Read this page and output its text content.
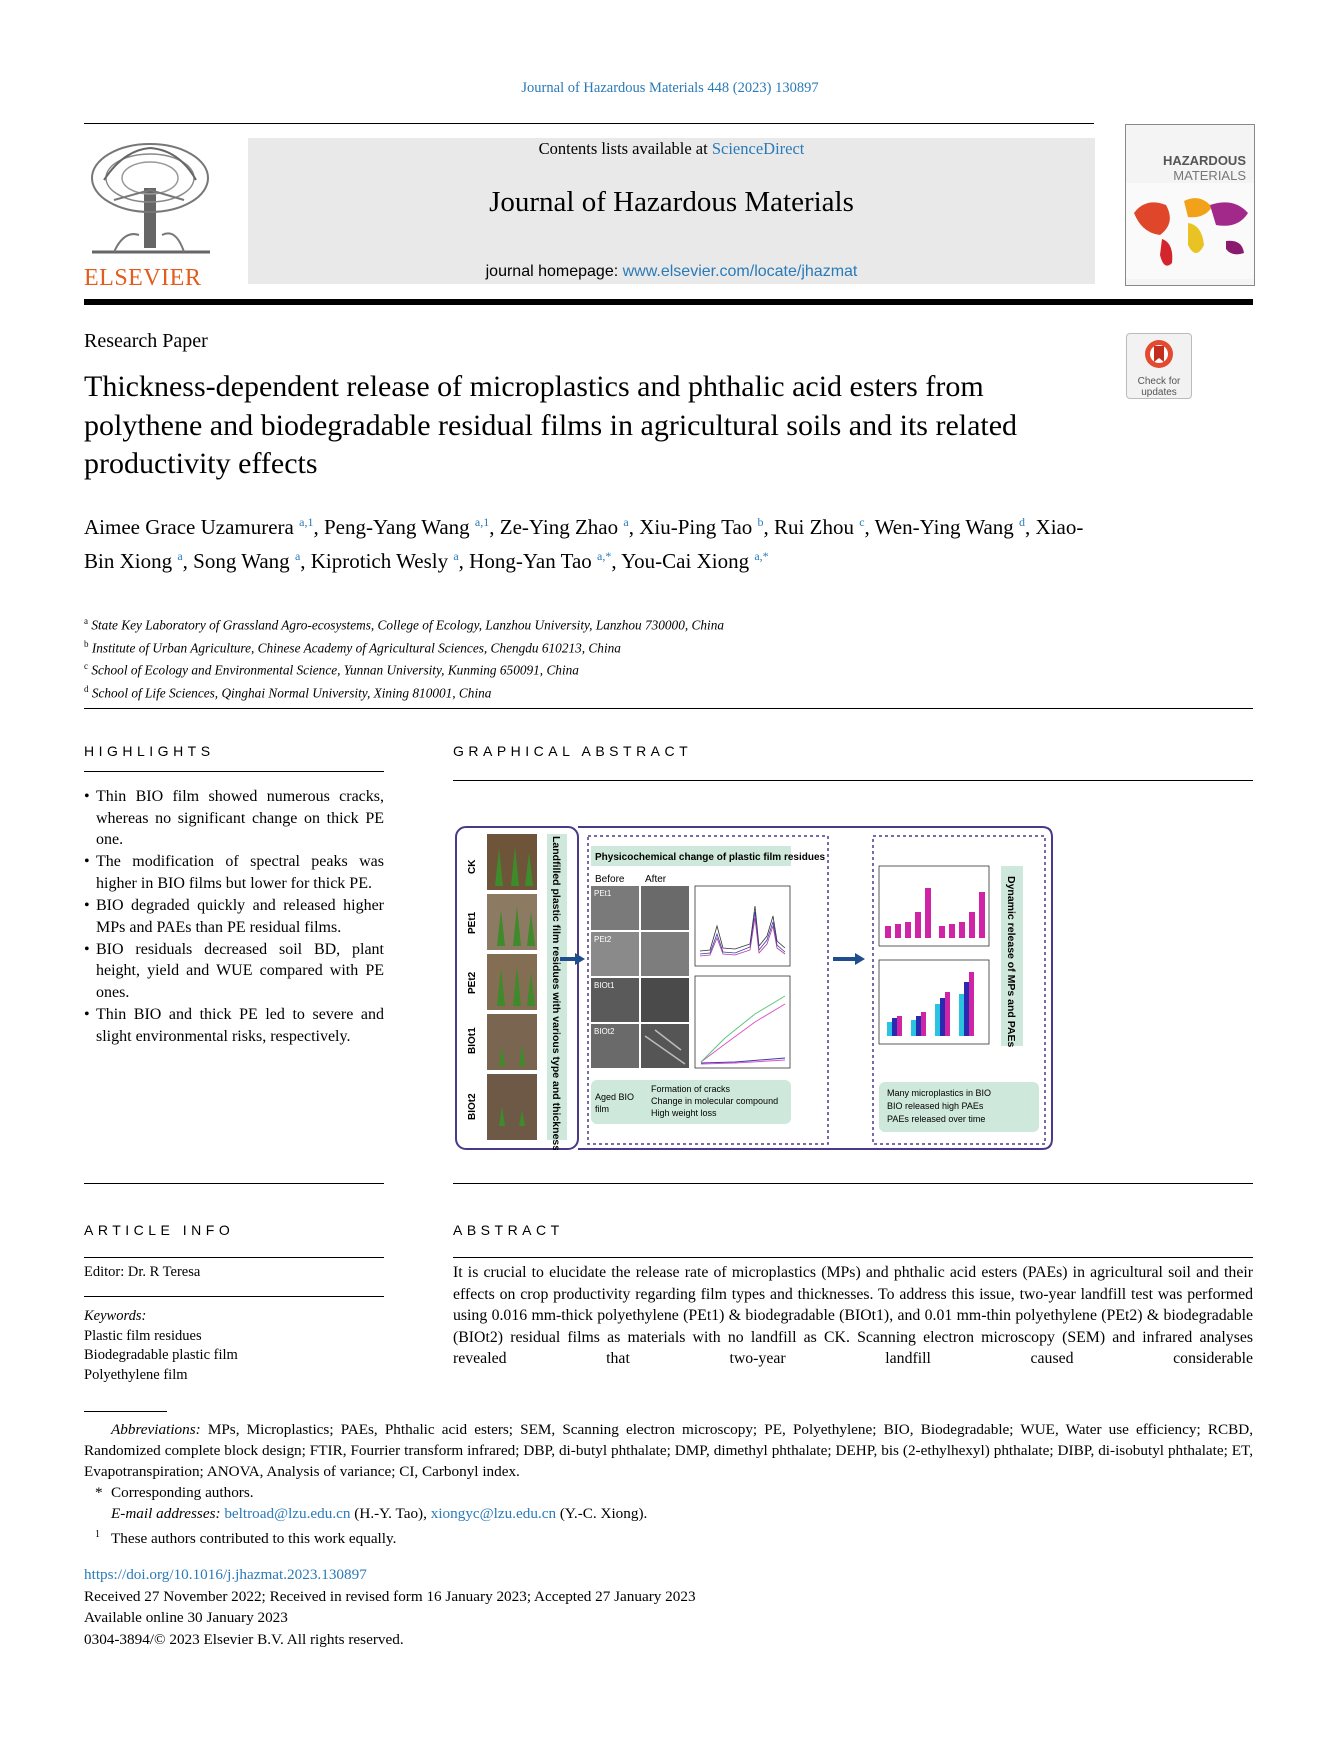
Journal of Hazardous Materials 448 (2023) 130897
ELSEVIER
Contents lists available at ScienceDirect
Journal of Hazardous Materials
journal homepage: www.elsevier.com/locate/jhazmat
HAZARDOUS
MATERIALS
Research Paper
Thickness-dependent release of microplastics and phthalic acid esters from polythene and biodegradable residual films in agricultural soils and its related productivity effects
Check for
updates
Aimee Grace Uzamurera $^{a,1}$, Peng-Yang Wang $^{a,1}$, Ze-Ying Zhao $^a$, Xiu-Ping Tao $^b$, Rui Zhou $^c$, Wen-Ying Wang $^d$, Xiao-Bin Xiong $^a$, Song Wang $^a$, Kiprotich Wesly $^a$, Hong-Yan Tao $^{a,*}$, You-Cai Xiong $^{a,*}$
$^a$ State Key Laboratory of Grassland Agro-ecosystems, College of Ecology, Lanzhou University, Lanzhou 730000, China
$^b$ Institute of Urban Agriculture, Chinese Academy of Agricultural Sciences, Chengdu 610213, China
$^c$ School of Ecology and Environmental Science, Yunnan University, Kunming 650091, China
$^d$ School of Life Sciences, Qinghai Normal University, Xining 810001, China
HIGHLIGHTS	GRAPHICAL ABSTRACT
• Thin BIO film showed numerous cracks, whereas no significant change on thick PE one.
• The modification of spectral peaks was higher in BIO films but lower for thick PE.
• BIO degraded quickly and released higher MPs and PAEs than PE residual films.
• BIO residuals decreased soil BD, plant height, yield and WUE compared with PE ones.
• Thin BIO and thick PE led to severe and slight environmental risks, respectively.
CK
PEt1
PEt2
BIOt1
BIOt2	Landfilled plastic film residues with various type and thickness	Physicochemical change of plastic film residues
Before After
PEt1
PEt2
BIOt1
BIOt2
Aged BIO
film
Formation of cracks
Change in molecular compound
High weight loss
Dynamic release of MPs and PAEs
Many microplastics in BIO
BIO released high PAEs
PAEs released over time
ARTICLE INFO	ABSTRACT
Editor: Dr. R Teresa
Keywords:
Plastic film residues
Biodegradable plastic film
Polyethylene film
It is crucial to elucidate the release rate of microplastics (MPs) and phthalic acid esters (PAEs) in agricultural soil and their effects on crop productivity regarding film types and thicknesses. To address this issue, two-year landfill test was performed using 0.016 mm-thick polyethylene (PEt1) & biodegradable (BIOt1), and 0.01 mm-thin polyethylene (PEt2) & biodegradable (BIOt2) residual films as materials with no landfill as CK. Scanning electron microscopy (SEM) and infrared analyses revealed that two-year landfill caused considerable
Abbreviations: MPs, Microplastics; PAEs, Phthalic acid esters; SEM, Scanning electron microscopy; PE, Polyethylene; BIO, Biodegradable; WUE, Water use efficiency; RCBD, Randomized complete block design; FTIR, Fourrier transform infrared; DBP, di-butyl phthalate; DMP, dimethyl phthalate; DEHP, bis (2-ethylhexyl) phthalate; DIBP, di-isobutyl phthalate; ET, Evapotranspiration; ANOVA, Analysis of variance; CI, Carbonyl index.
* Corresponding authors.
E-mail addresses: beltroad@lzu.edu.cn (H.-Y. Tao), xiongyc@lzu.edu.cn (Y.-C. Xiong).
1 These authors contributed to this work equally.
https://doi.org/10.1016/j.jhazmat.2023.130897
Received 27 November 2022; Received in revised form 16 January 2023; Accepted 27 January 2023
Available online 30 January 2023
0304-3894/© 2023 Elsevier B.V. All rights reserved.
